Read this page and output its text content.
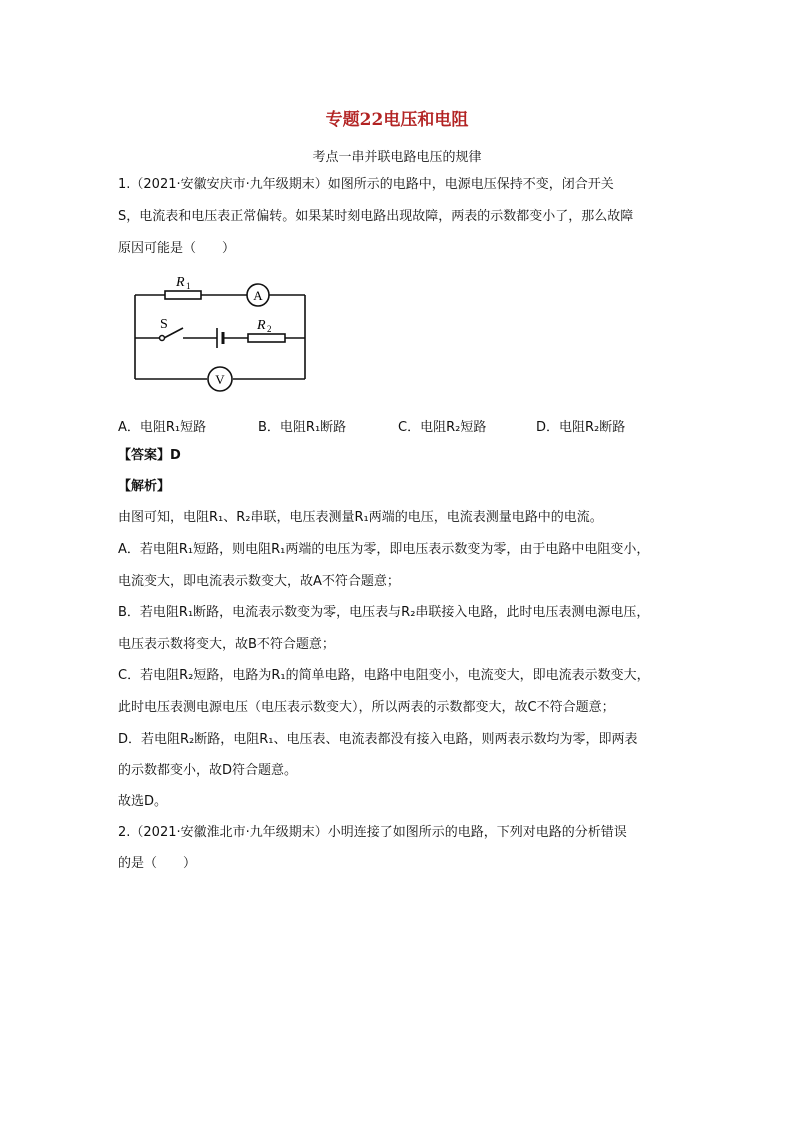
专题22电压和电阻
考点一串并联电路电压的规律
1.（2021·安徽安庆市·九年级期末）如图所示的电路中，电源电压保持不变，闭合开关
S，电流表和电压表正常偏转。如果某时刻电路出现故障，两表的示数都变小了，那么故障
原因可能是（　　）
A
V
R 1
R 2
S
A．电阻R₁短路	B．电阻R₁断路	C．电阻R₂短路	D．电阻R₂断路
【答案】D
【解析】
由图可知，电阻R₁、R₂串联，电压表测量R₁两端的电压，电流表测量电路中的电流。
A．若电阻R₁短路，则电阻R₁两端的电压为零，即电压表示数变为零，由于电路中电阻变小，
电流变大，即电流表示数变大，故A不符合题意；
B．若电阻R₁断路，电流表示数变为零，电压表与R₂串联接入电路，此时电压表测电源电压，
电压表示数将变大，故B不符合题意；
C．若电阻R₂短路，电路为R₁的简单电路，电路中电阻变小，电流变大，即电流表示数变大，
此时电压表测电源电压（电压表示数变大），所以两表的示数都变大，故C不符合题意；
D．若电阻R₂断路，电阻R₁、电压表、电流表都没有接入电路，则两表示数均为零，即两表
的示数都变小，故D符合题意。
故选D。
2.（2021·安徽淮北市·九年级期末）小明连接了如图所示的电路，下列对电路的分析错误
的是（　　）
